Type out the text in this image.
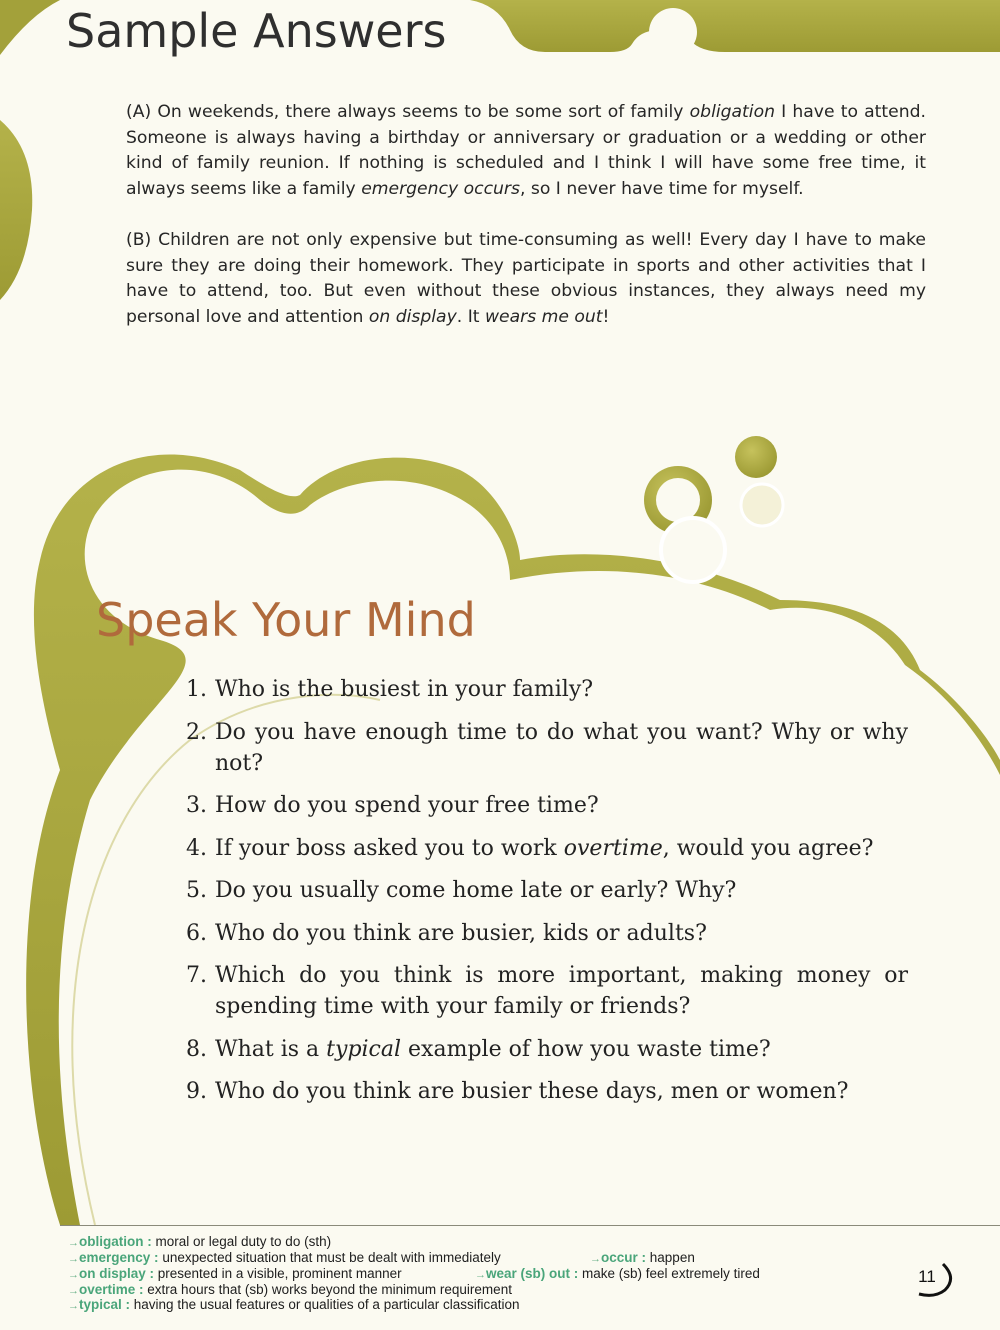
Sample Answers

(A) On weekends, there always seems to be some sort of family obligation I have to attend. Someone is always having a birthday or anniversary or graduation or a wedding or other kind of family reunion. If nothing is scheduled and I think I will have some free time, it always seems like a family emergency occurs, so I never have time for myself.

(B) Children are not only expensive but time-consuming as well! Every day I have to make sure they are doing their homework. They participate in sports and other activities that I have to attend, too. But even without these obvious instances, they always need my personal love and attention on display. It wears me out!

Speak Your Mind
1. Who is the busiest in your family?
2. Do you have enough time to do what you want? Why or why not?
3. How do you spend your free time?
4. If your boss asked you to work overtime, would you agree?
5. Do you usually come home late or early? Why?
6. Who do you think are busier, kids or adults?
7. Which do you think is more important, making money or spending time with your family or friends?
8. What is a typical example of how you waste time?
9. Who do you think are busier these days, men or women?
→obligation : moral or legal duty to do (sth)
→emergency : unexpected situation that must be dealt with immediately	→occur : happen
→on display : presented in a visible, prominent manner	→wear (sb) out : make (sb) feel extremely tired
→overtime : extra hours that (sb) works beyond the minimum requirement
→typical : having the usual features or qualities of a particular classification
11
